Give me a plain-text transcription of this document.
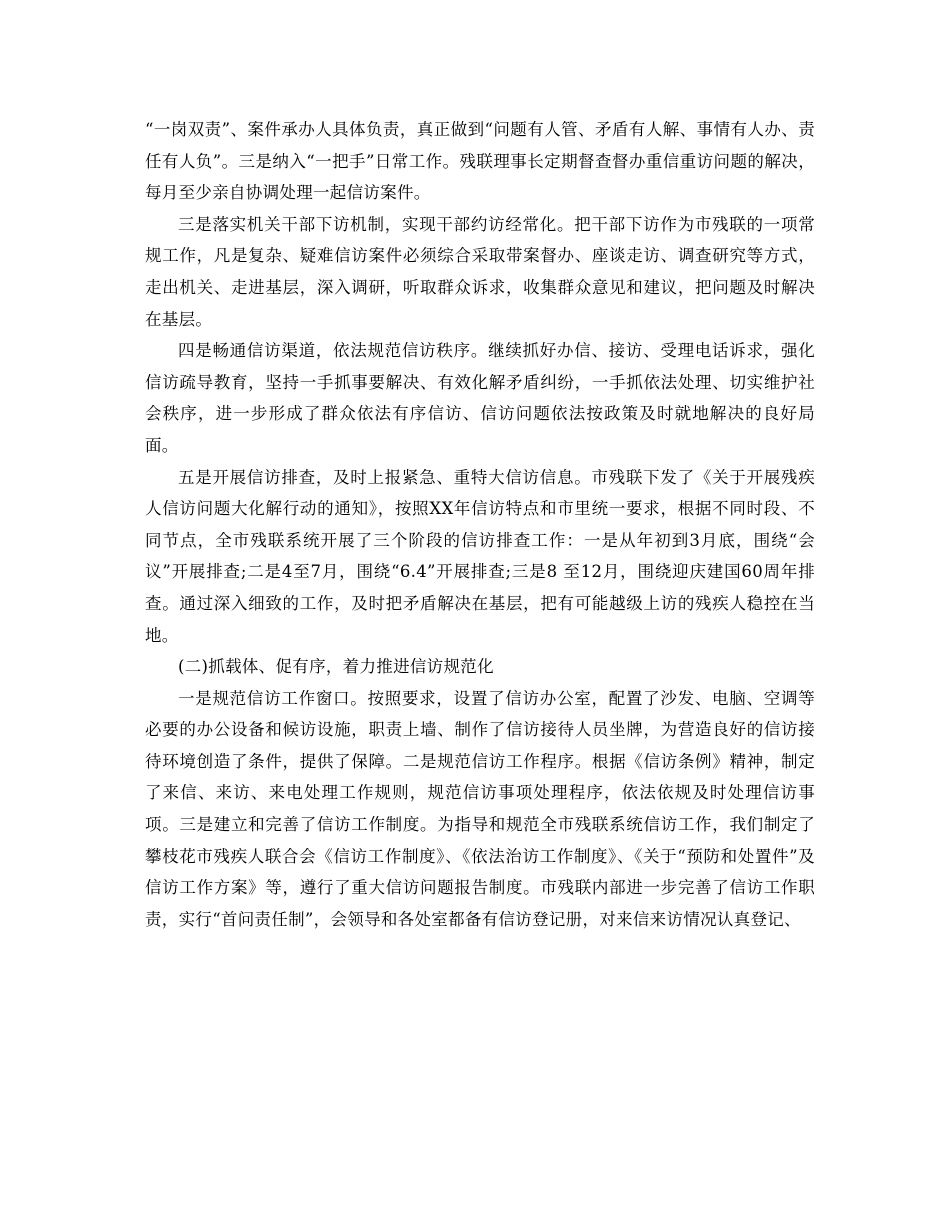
“一岗双责”、案件承办人具体负责，真正做到“问题有人管、矛盾有人解、事情有人办、责任有人负”。三是纳入“一把手”日常工作。残联理事长定期督查督办重信重访问题的解决，每月至少亲自协调处理一起信访案件。

三是落实机关干部下访机制，实现干部约访经常化。把干部下访作为市残联的一项常规工作，凡是复杂、疑难信访案件必须综合采取带案督办、座谈走访、调查研究等方式，走出机关、走进基层，深入调研，听取群众诉求，收集群众意见和建议，把问题及时解决在基层。

四是畅通信访渠道，依法规范信访秩序。继续抓好办信、接访、受理电话诉求，强化信访疏导教育，坚持一手抓事要解决、有效化解矛盾纠纷，一手抓依法处理、切实维护社会秩序，进一步形成了群众依法有序信访、信访问题依法按政策及时就地解决的良好局面。

五是开展信访排查，及时上报紧急、重特大信访信息。市残联下发了《关于开展残疾人信访问题大化解行动的通知》，按照XX年信访特点和市里统一要求，根据不同时段、不同节点，全市残联系统开展了三个阶段的信访排查工作：一是从年初到3月底，围绕“会议”开展排查;二是4至7月，围绕“6.4”开展排查;三是8 至12月，围绕迎庆建国60周年排查。通过深入细致的工作，及时把矛盾解决在基层，把有可能越级上访的残疾人稳控在当地。

(二)抓载体、促有序，着力推进信访规范化

一是规范信访工作窗口。按照要求，设置了信访办公室，配置了沙发、电脑、空调等必要的办公设备和候访设施，职责上墙、制作了信访接待人员坐牌，为营造良好的信访接待环境创造了条件，提供了保障。二是规范信访工作程序。根据《信访条例》精神，制定了来信、来访、来电处理工作规则，规范信访事项处理程序，依法依规及时处理信访事项。三是建立和完善了信访工作制度。为指导和规范全市残联系统信访工作，我们制定了攀枝花市残疾人联合会《信访工作制度》、《依法治访工作制度》、《关于“预防和处置件”及信访工作方案》等，遵行了重大信访问题报告制度。市残联内部进一步完善了信访工作职责，实行“首问责任制”，会领导和各处室都备有信访登记册，对来信来访情况认真登记、
